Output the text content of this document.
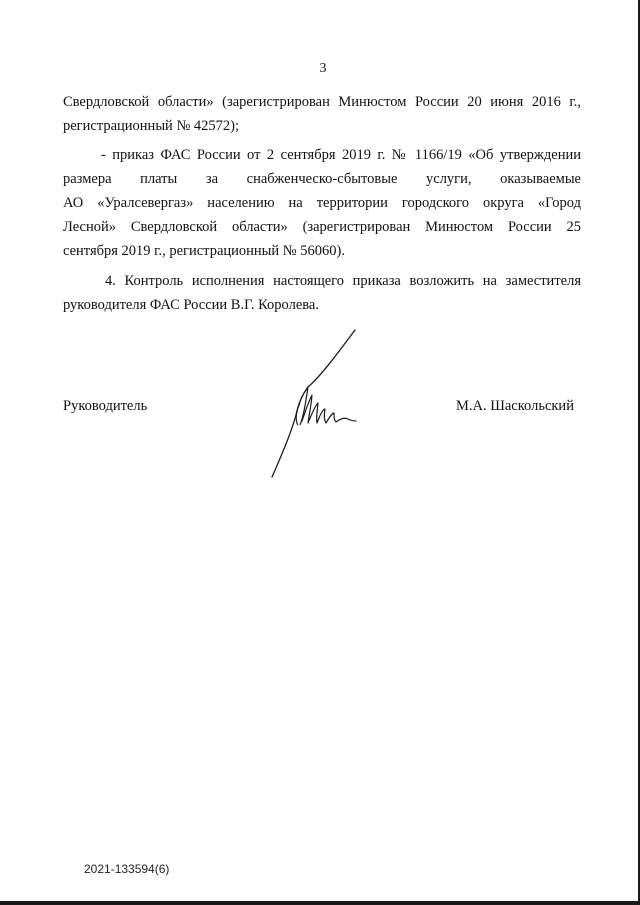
3

Свердловской области» (зарегистрирован Минюстом России 20 июня 2016 г.,

регистрационный № 42572);

- приказ ФАС России от 2 сентября 2019 г. № 1166/19 «Об утверждении

размера платы за снабженческо-сбытовые услуги, оказываемые

АО «Уралсевергаз» населению на территории городского округа «Город

Лесной» Свердловской области» (зарегистрирован Минюстом России 25

сентября 2019 г., регистрационный № 56060).

4. Контроль исполнения настоящего приказа возложить на заместителя

руководителя ФАС России В.Г. Королева.

Руководитель	М.А. Шаскольский
2021-133594(6)
